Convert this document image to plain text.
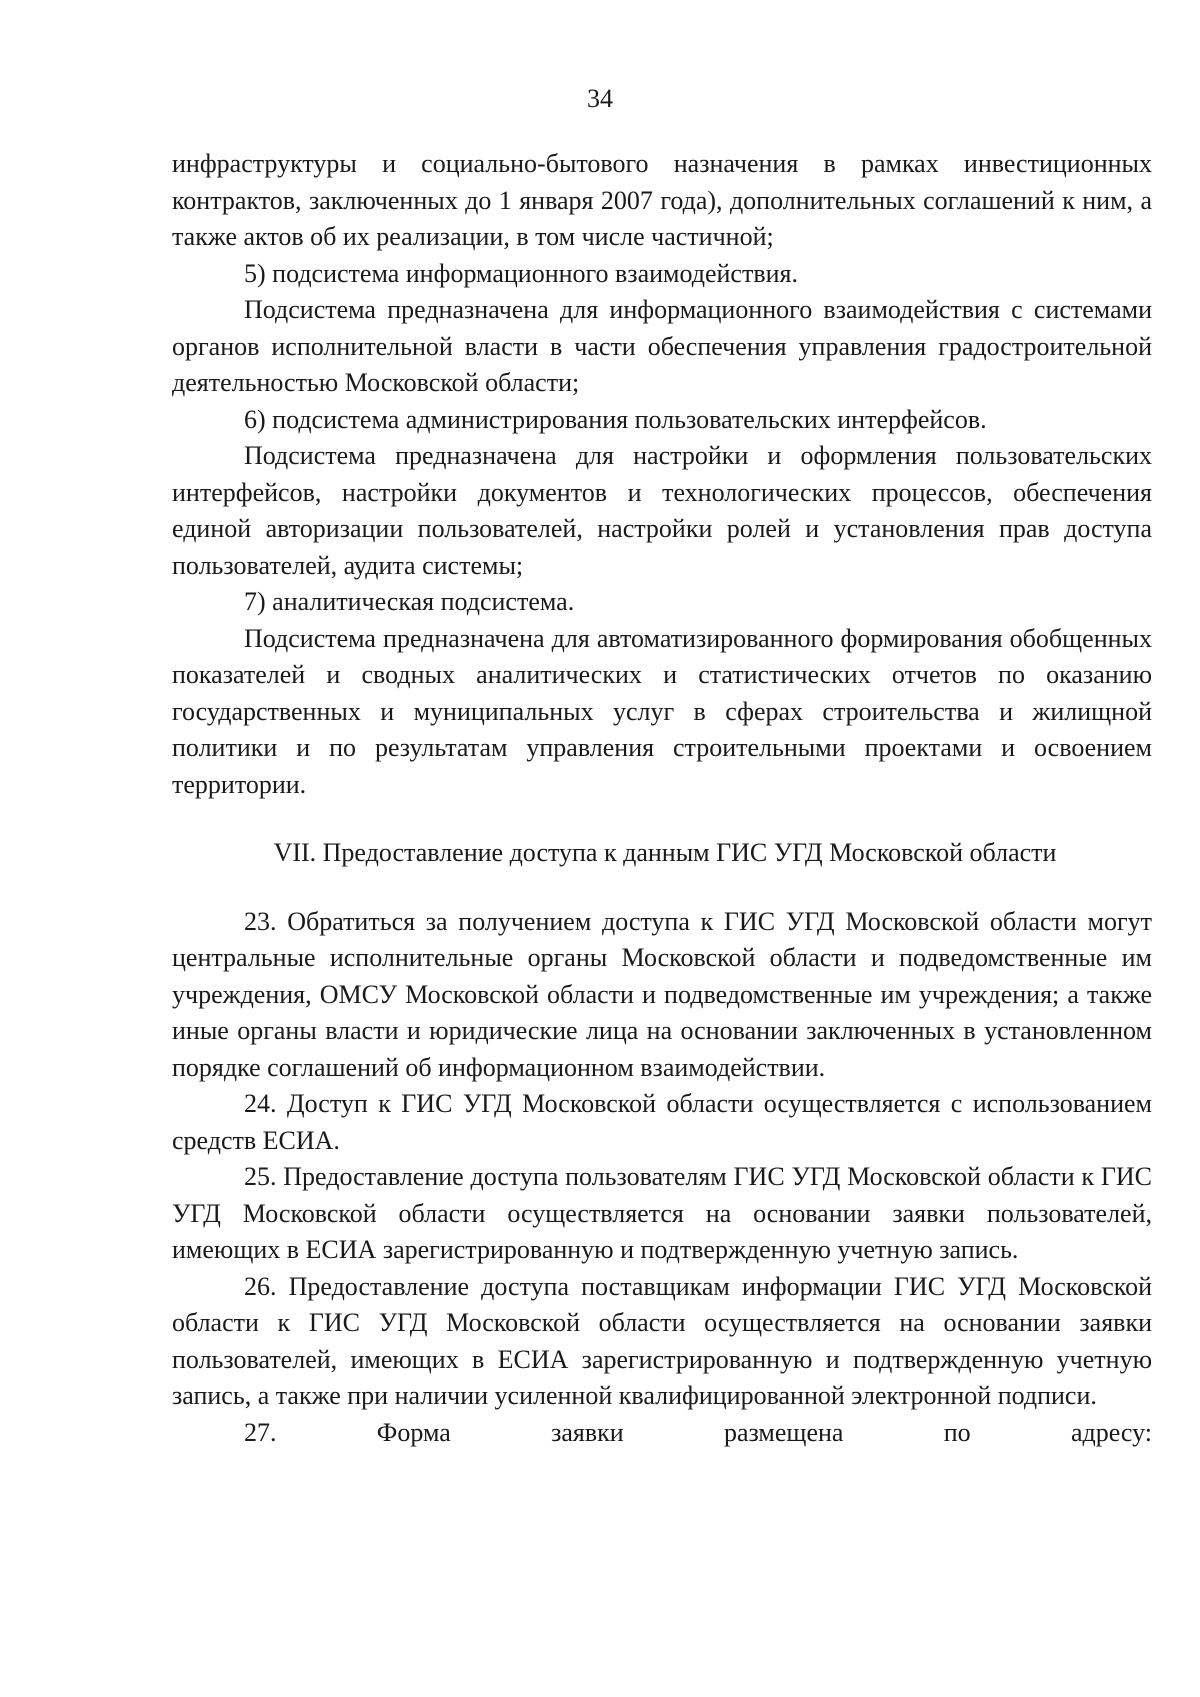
34

инфраструктуры и социально-бытового назначения в рамках инвестиционных контрактов, заключенных до 1 января 2007 года), дополнительных соглашений к ним, а также актов об их реализации, в том числе частичной;

5) подсистема информационного взаимодействия.

Подсистема предназначена для информационного взаимодействия с системами органов исполнительной власти в части обеспечения управления градостроительной деятельностью Московской области;

6) подсистема администрирования пользовательских интерфейсов.

Подсистема предназначена для настройки и оформления пользовательских интерфейсов, настройки документов и технологических процессов, обеспечения единой авторизации пользователей, настройки ролей и установления прав доступа пользователей, аудита системы;

7) аналитическая подсистема.

Подсистема предназначена для автоматизированного формирования обобщенных показателей и сводных аналитических и статистических отчетов по оказанию государственных и муниципальных услуг в сферах строительства и жилищной политики и по результатам управления строительными проектами и освоением территории.

VII. Предоставление доступа к данным ГИС УГД Московской области

23. Обратиться за получением доступа к ГИС УГД Московской области могут центральные исполнительные органы Московской области и подведомственные им учреждения, ОМСУ Московской области и подведомственные им учреждения; а также иные органы власти и юридические лица на основании заключенных в установленном порядке соглашений об информационном взаимодействии.

24. Доступ к ГИС УГД Московской области осуществляется с использованием средств ЕСИА.

25. Предоставление доступа пользователям ГИС УГД Московской области к ГИС УГД Московской области осуществляется на основании заявки пользователей, имеющих в ЕСИА зарегистрированную и подтвержденную учетную запись.

26. Предоставление доступа поставщикам информации ГИС УГД Московской области к ГИС УГД Московской области осуществляется на основании заявки пользователей, имеющих в ЕСИА зарегистрированную и подтвержденную учетную запись, а также при наличии усиленной квалифицированной электронной подписи.

27. Форма заявки размещена по адресу:
